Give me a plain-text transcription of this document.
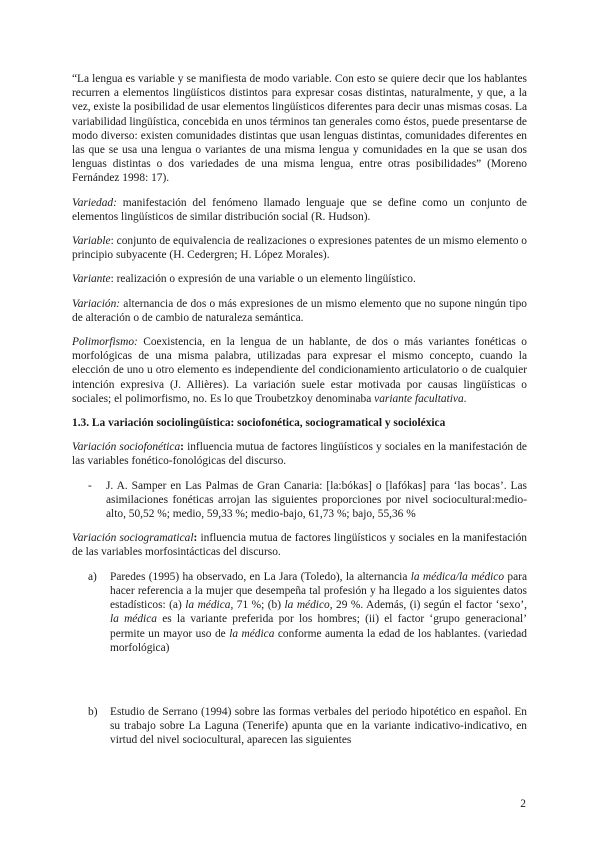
“La lengua es variable y se manifiesta de modo variable. Con esto se quiere decir que los hablantes recurren a elementos lingüísticos distintos para expresar cosas distintas, naturalmente, y que, a la vez, existe la posibilidad de usar elementos lingüísticos diferentes para decir unas mismas cosas. La variabilidad lingüística, concebida en unos términos tan generales como éstos, puede presentarse de modo diverso: existen comunidades distintas que usan lenguas distintas, comunidades diferentes en las que se usa una lengua o variantes de una misma lengua y comunidades en la que se usan dos lenguas distintas o dos variedades de una misma lengua, entre otras posibilidades” (Moreno Fernández 1998: 17).

Variedad: manifestación del fenómeno llamado lenguaje que se define como un conjunto de elementos lingüísticos de similar distribución social (R. Hudson).

Variable: conjunto de equivalencia de realizaciones o expresiones patentes de un mismo elemento o principio subyacente (H. Cedergren; H. López Morales).

Variante: realización o expresión de una variable o un elemento lingüístico.

Variación: alternancia de dos o más expresiones de un mismo elemento que no supone ningún tipo de alteración o de cambio de naturaleza semántica.

Polimorfismo: Coexistencia, en la lengua de un hablante, de dos o más variantes fonéticas o morfológicas de una misma palabra, utilizadas para expresar el mismo concepto, cuando la elección de uno u otro elemento es independiente del condicionamiento articulatorio o de cualquier intención expresiva (J. Allières). La variación suele estar motivada por causas lingüísticas o sociales; el polimorfismo, no. Es lo que Troubetzkoy denominaba variante facultativa.

1.3. La variación sociolingüística: sociofonética, sociogramatical y socioléxica

Variación sociofonética: influencia mutua de factores lingüísticos y sociales en la manifestación de las variables fonético-fonológicas del discurso.

- J. A. Samper en Las Palmas de Gran Canaria: [la:bókas] o [lafókas] para ‘las bocas’. Las asimilaciones fonéticas arrojan las siguientes proporciones por nivel sociocultural:medio-alto, 50,52 %; medio, 59,33 %; medio-bajo, 61,73 %; bajo, 55,36 %

Variación sociogramatical: influencia mutua de factores lingüísticos y sociales en la manifestación de las variables morfosintácticas del discurso.

a) Paredes (1995) ha observado, en La Jara (Toledo), la alternancia la médica/la médico para hacer referencia a la mujer que desempeña tal profesión y ha llegado a los siguientes datos estadísticos: (a) la médica, 71 %; (b) la médico, 29 %. Además, (i) según el factor ‘sexo’, la médica es la variante preferida por los hombres; (ii) el factor ‘grupo generacional’ permite un mayor uso de la médica conforme aumenta la edad de los hablantes. (variedad morfológica)
b) Estudio de Serrano (1994) sobre las formas verbales del periodo hipotético en español. En su trabajo sobre La Laguna (Tenerife) apunta que en la variante indicativo-indicativo, en virtud del nivel sociocultural, aparecen las siguientes
2
